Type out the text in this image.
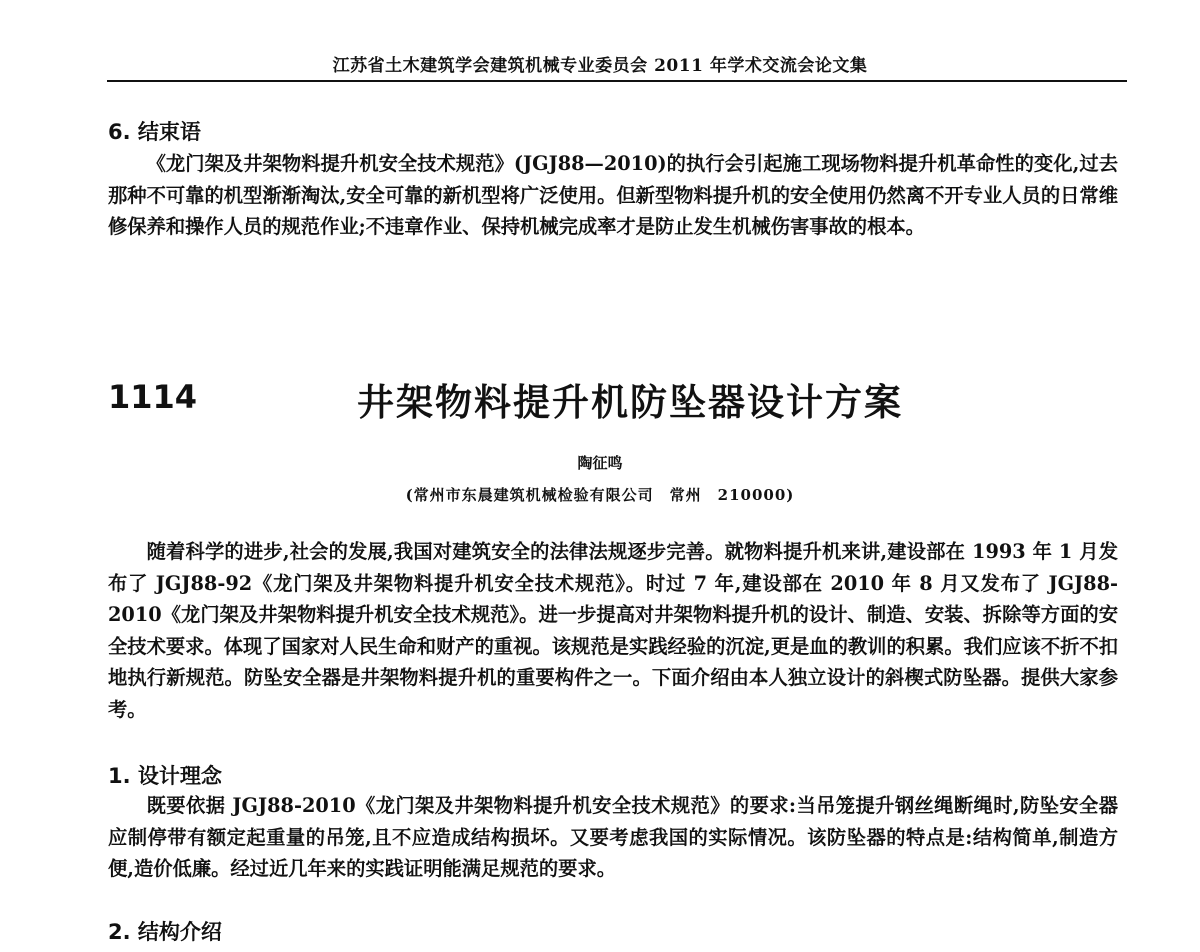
江苏省土木建筑学会建筑机械专业委员会 2011 年学术交流会论文集
6. 结束语

《龙门架及井架物料提升机安全技术规范》(JGJ88—2010)的执行会引起施工现场物料提升机革命性的变化,过去那种不可靠的机型渐渐淘汰,安全可靠的新机型将广泛使用。但新型物料提升机的安全使用仍然离不开专业人员的日常维修保养和操作人员的规范作业;不违章作业、保持机械完成率才是防止发生机械伤害事故的根本。

1114	井架物料提升机防坠器设计方案
陶征鸣
(常州市东晨建筑机械检验有限公司　常州　210000)

随着科学的进步,社会的发展,我国对建筑安全的法律法规逐步完善。就物料提升机来讲,建设部在 1993 年 1 月发布了 JGJ88-92《龙门架及井架物料提升机安全技术规范》。时过 7 年,建设部在 2010 年 8 月又发布了 JGJ88-2010《龙门架及井架物料提升机安全技术规范》。进一步提高对井架物料提升机的设计、制造、安装、拆除等方面的安全技术要求。体现了国家对人民生命和财产的重视。该规范是实践经验的沉淀,更是血的教训的积累。我们应该不折不扣地执行新规范。防坠安全器是井架物料提升机的重要构件之一。下面介绍由本人独立设计的斜楔式防坠器。提供大家参考。

1. 设计理念

既要依据 JGJ88-2010《龙门架及井架物料提升机安全技术规范》的要求:当吊笼提升钢丝绳断绳时,防坠安全器应制停带有额定起重量的吊笼,且不应造成结构损坏。又要考虑我国的实际情况。该防坠器的特点是:结构简单,制造方便,造价低廉。经过近几年来的实践证明能满足规范的要求。

2. 结构介绍
